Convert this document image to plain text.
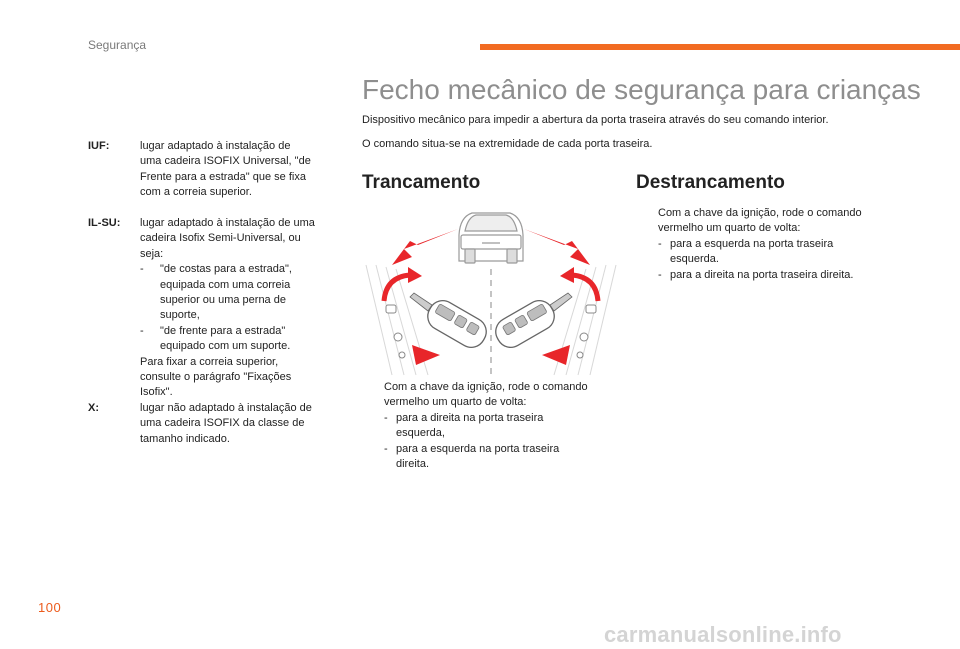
Segurança
Fecho mecânico de segurança para crianças
Dispositivo mecânico para impedir a abertura da porta traseira através do seu comando interior.
O comando situa-se na extremidade de cada porta traseira.
IUF:	lugar adaptado à instalação de
uma cadeira ISOFIX Universal, "de
Frente para a estrada" que se fixa
com a correia superior.
IL-SU: lugar adaptado à instalação de uma
cadeira Isofix Semi-Universal, ou
seja:
- "de costas para a estrada",
equipada com uma correia
superior ou uma perna de
suporte,
- "de frente para a estrada"
equipado com um suporte.
Para fixar a correia superior,
consulte o parágrafo "Fixações
Isofix".
X:	lugar não adaptado à instalação de
uma cadeira ISOFIX da classe de
tamanho indicado.
Trancamento
Com a chave da ignição, rode o comando
vermelho um quarto de volta:
- para a direita na porta traseira
esquerda,
- para a esquerda na porta traseira
direita.
Destrancamento
Com a chave da ignição, rode o comando
vermelho um quarto de volta:
- para a esquerda na porta traseira
esquerda.
- para a direita na porta traseira direita.
100
carmanualsonline.info
